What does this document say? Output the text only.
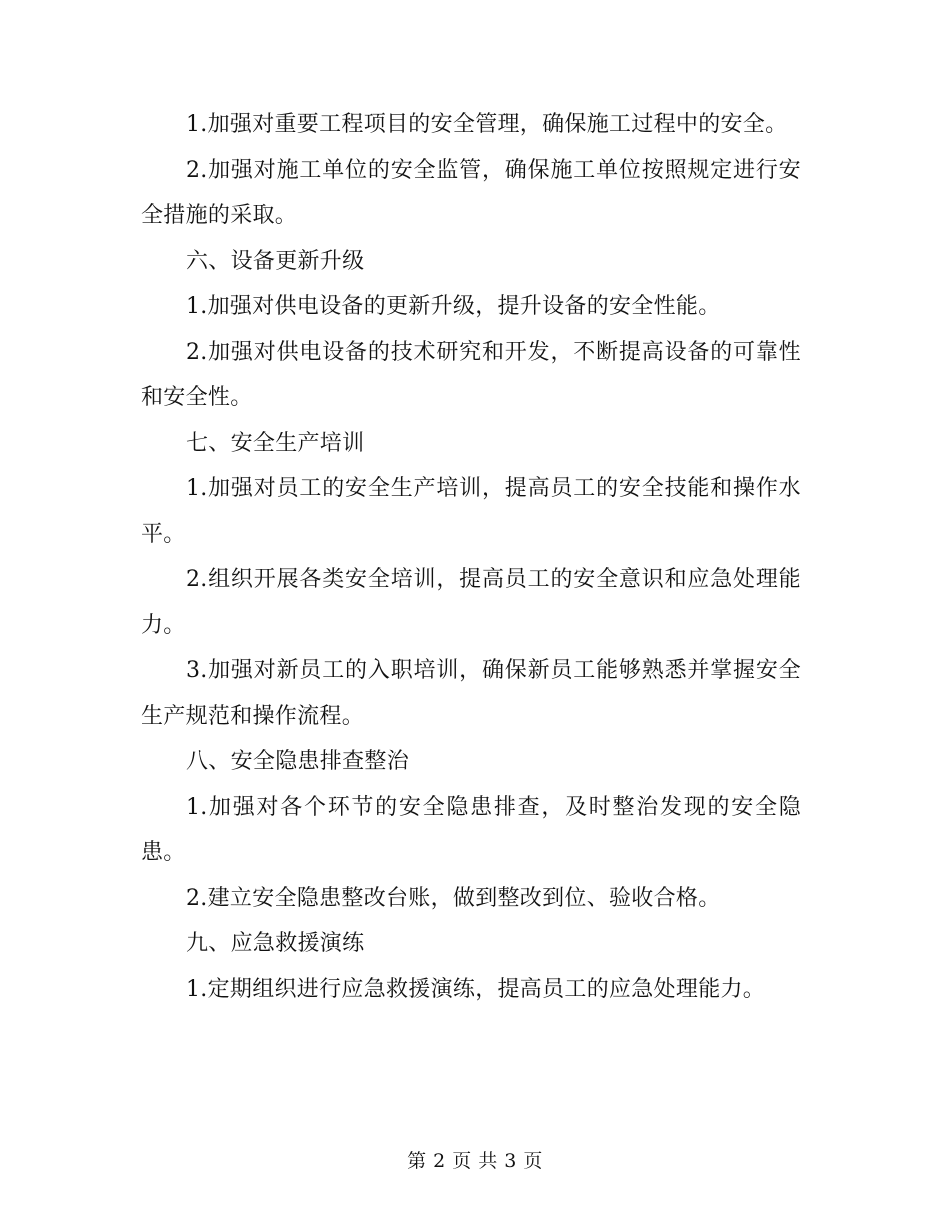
1.加强对重要工程项目的安全管理，确保施工过程中的安全。

2.加强对施工单位的安全监管，确保施工单位按照规定进行安全措施的采取。

六、设备更新升级

1.加强对供电设备的更新升级，提升设备的安全性能。

2.加强对供电设备的技术研究和开发，不断提高设备的可靠性和安全性。

七、安全生产培训

1.加强对员工的安全生产培训，提高员工的安全技能和操作水平。

2.组织开展各类安全培训，提高员工的安全意识和应急处理能力。

3.加强对新员工的入职培训，确保新员工能够熟悉并掌握安全生产规范和操作流程。

八、安全隐患排查整治

1.加强对各个环节的安全隐患排查，及时整治发现的安全隐患。

2.建立安全隐患整改台账，做到整改到位、验收合格。

九、应急救援演练

1.定期组织进行应急救援演练，提高员工的应急处理能力。

第 2 页 共 3 页
